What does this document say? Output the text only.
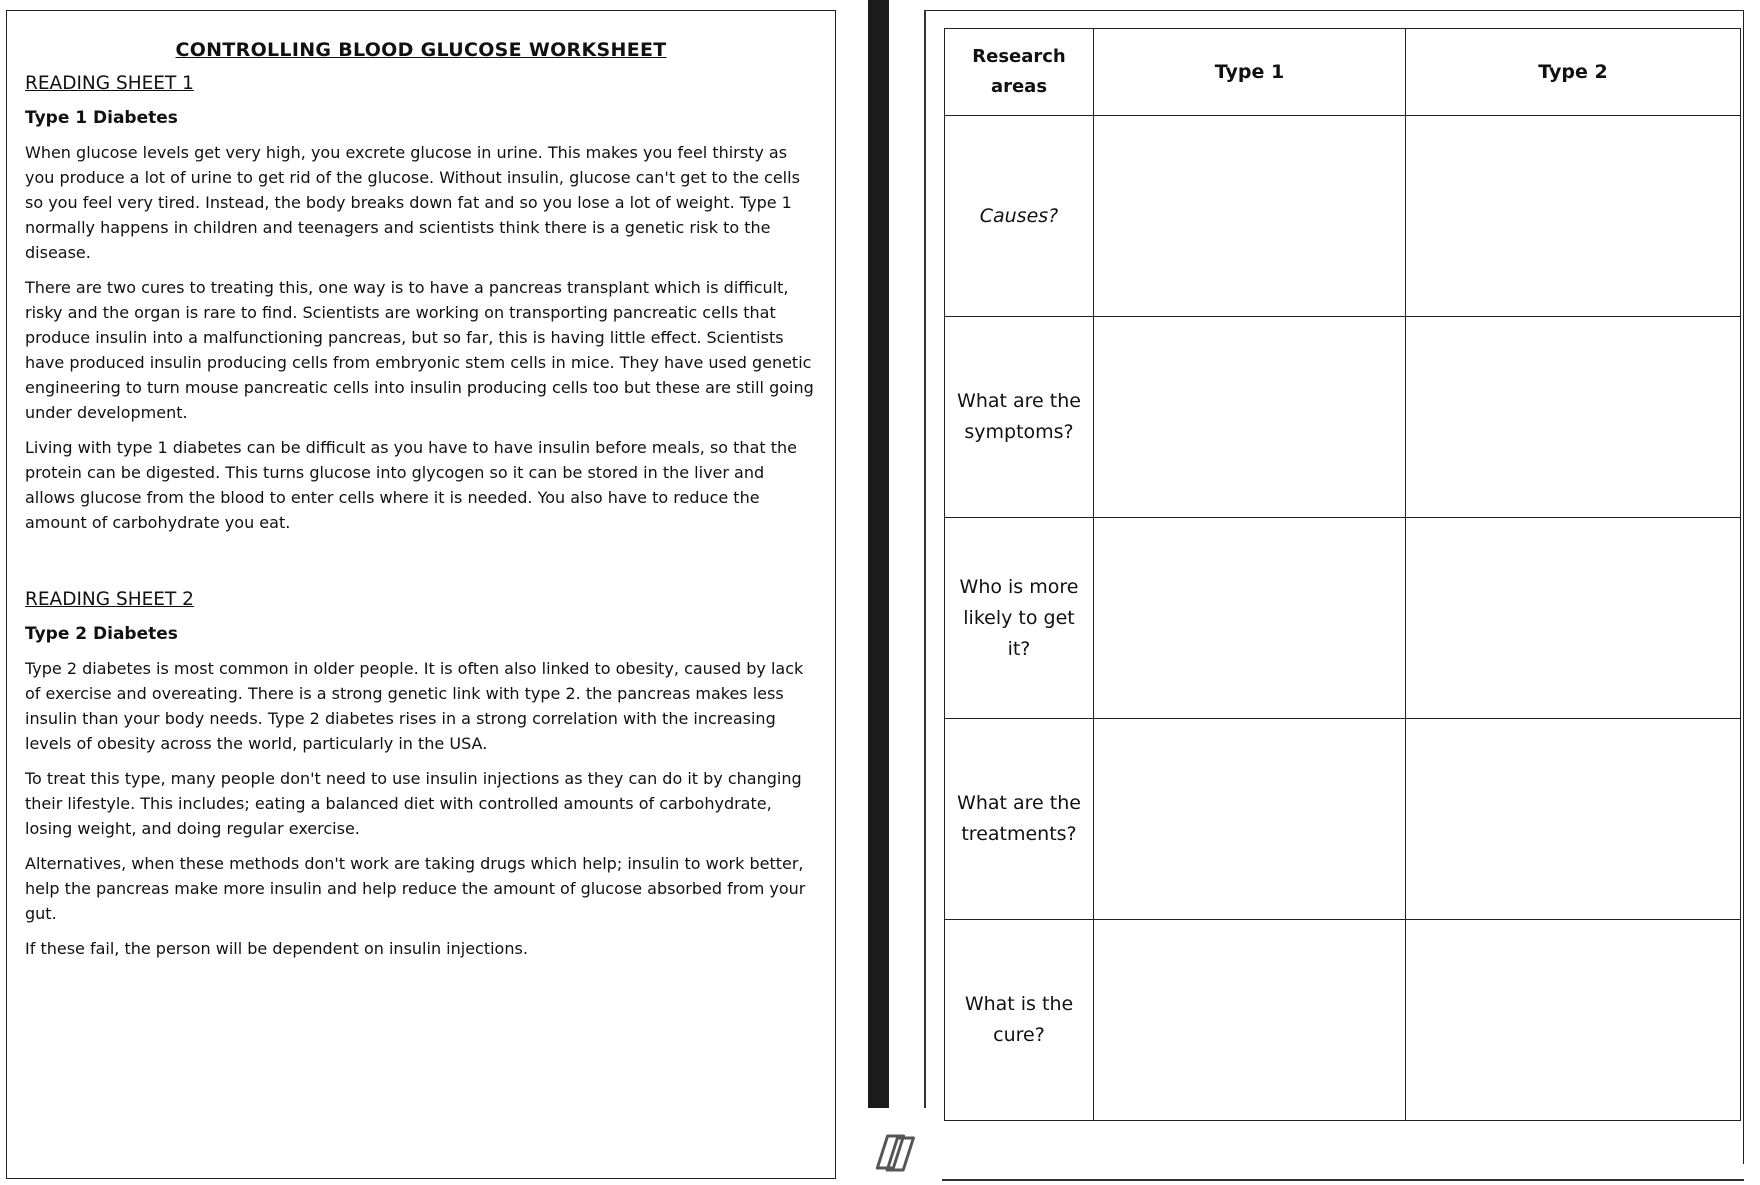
CONTROLLING BLOOD GLUCOSE WORKSHEET
READING SHEET 1
Type 1 Diabetes

When glucose levels get very high, you excrete glucose in urine. This makes you feel thirsty as you produce a lot of urine to get rid of the glucose. Without insulin, glucose can't get to the cells so you feel very tired. Instead, the body breaks down fat and so you lose a lot of weight. Type 1 normally happens in children and teenagers and scientists think there is a genetic risk to the disease.

There are two cures to treating this, one way is to have a pancreas transplant which is difficult, risky and the organ is rare to find. Scientists are working on transporting pancreatic cells that produce insulin into a malfunctioning pancreas, but so far, this is having little effect. Scientists have produced insulin producing cells from embryonic stem cells in mice. They have used genetic engineering to turn mouse pancreatic cells into insulin producing cells too but these are still going under development.

Living with type 1 diabetes can be difficult as you have to have insulin before meals, so that the protein can be digested. This turns glucose into glycogen so it can be stored in the liver and allows glucose from the blood to enter cells where it is needed. You also have to reduce the amount of carbohydrate you eat.

READING SHEET 2
Type 2 Diabetes

Type 2 diabetes is most common in older people. It is often also linked to obesity, caused by lack of exercise and overeating. There is a strong genetic link with type 2. the pancreas makes less insulin than your body needs. Type 2 diabetes rises in a strong correlation with the increasing levels of obesity across the world, particularly in the USA.

To treat this type, many people don't need to use insulin injections as they can do it by changing their lifestyle. This includes; eating a balanced diet with controlled amounts of carbohydrate, losing weight, and doing regular exercise.

Alternatives, when these methods don't work are taking drugs which help; insulin to work better, help the pancreas make more insulin and help reduce the amount of glucose absorbed from your gut.

If these fail, the person will be dependent on insulin injections.

Research areas	Type 1	Type 2
Causes?		
What are the symptoms?		
Who is more likely to get it?		
What are the treatments?		
What is the cure?		
